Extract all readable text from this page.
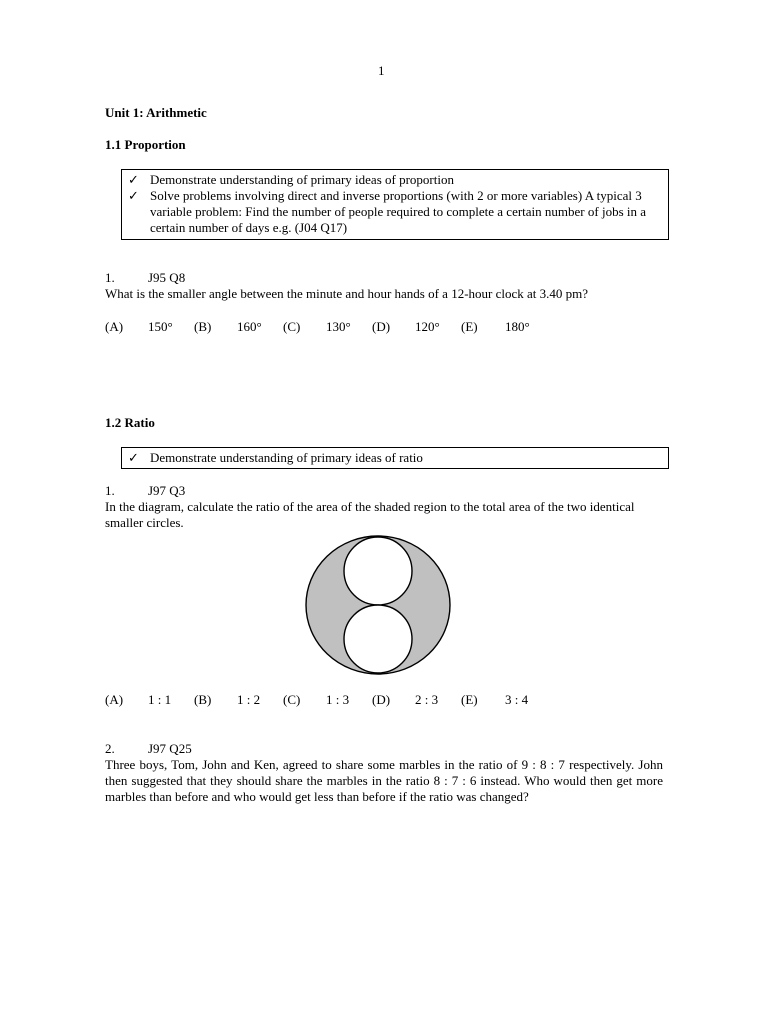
1
Unit 1: Arithmetic
1.1 Proportion
✓ Demonstrate understanding of primary ideas of proportion
✓ Solve problems involving direct and inverse proportions (with 2 or more variables) A typical 3 variable problem: Find the number of people required to complete a certain number of jobs in a certain number of days e.g. (J04 Q17)
1.	J95 Q8
What is the smaller angle between the minute and hour hands of a 12-hour clock at 3.40 pm?
(A) 150° (B) 160° (C) 130° (D) 120° (E) 180°
1.2 Ratio
✓ Demonstrate understanding of primary ideas of ratio
1.	J97 Q3
In the diagram, calculate the ratio of the area of the shaded region to the total area of the two identical smaller circles.
(A) 1 : 1 (B) 1 : 2 (C) 1 : 3 (D) 2 : 3 (E) 3 : 4
2.	J97 Q25
Three boys, Tom, John and Ken, agreed to share some marbles in the ratio of 9 : 8 : 7 respectively. John then suggested that they should share the marbles in the ratio 8 : 7 : 6 instead. Who would then get more marbles than before and who would get less than before if the ratio was changed?
